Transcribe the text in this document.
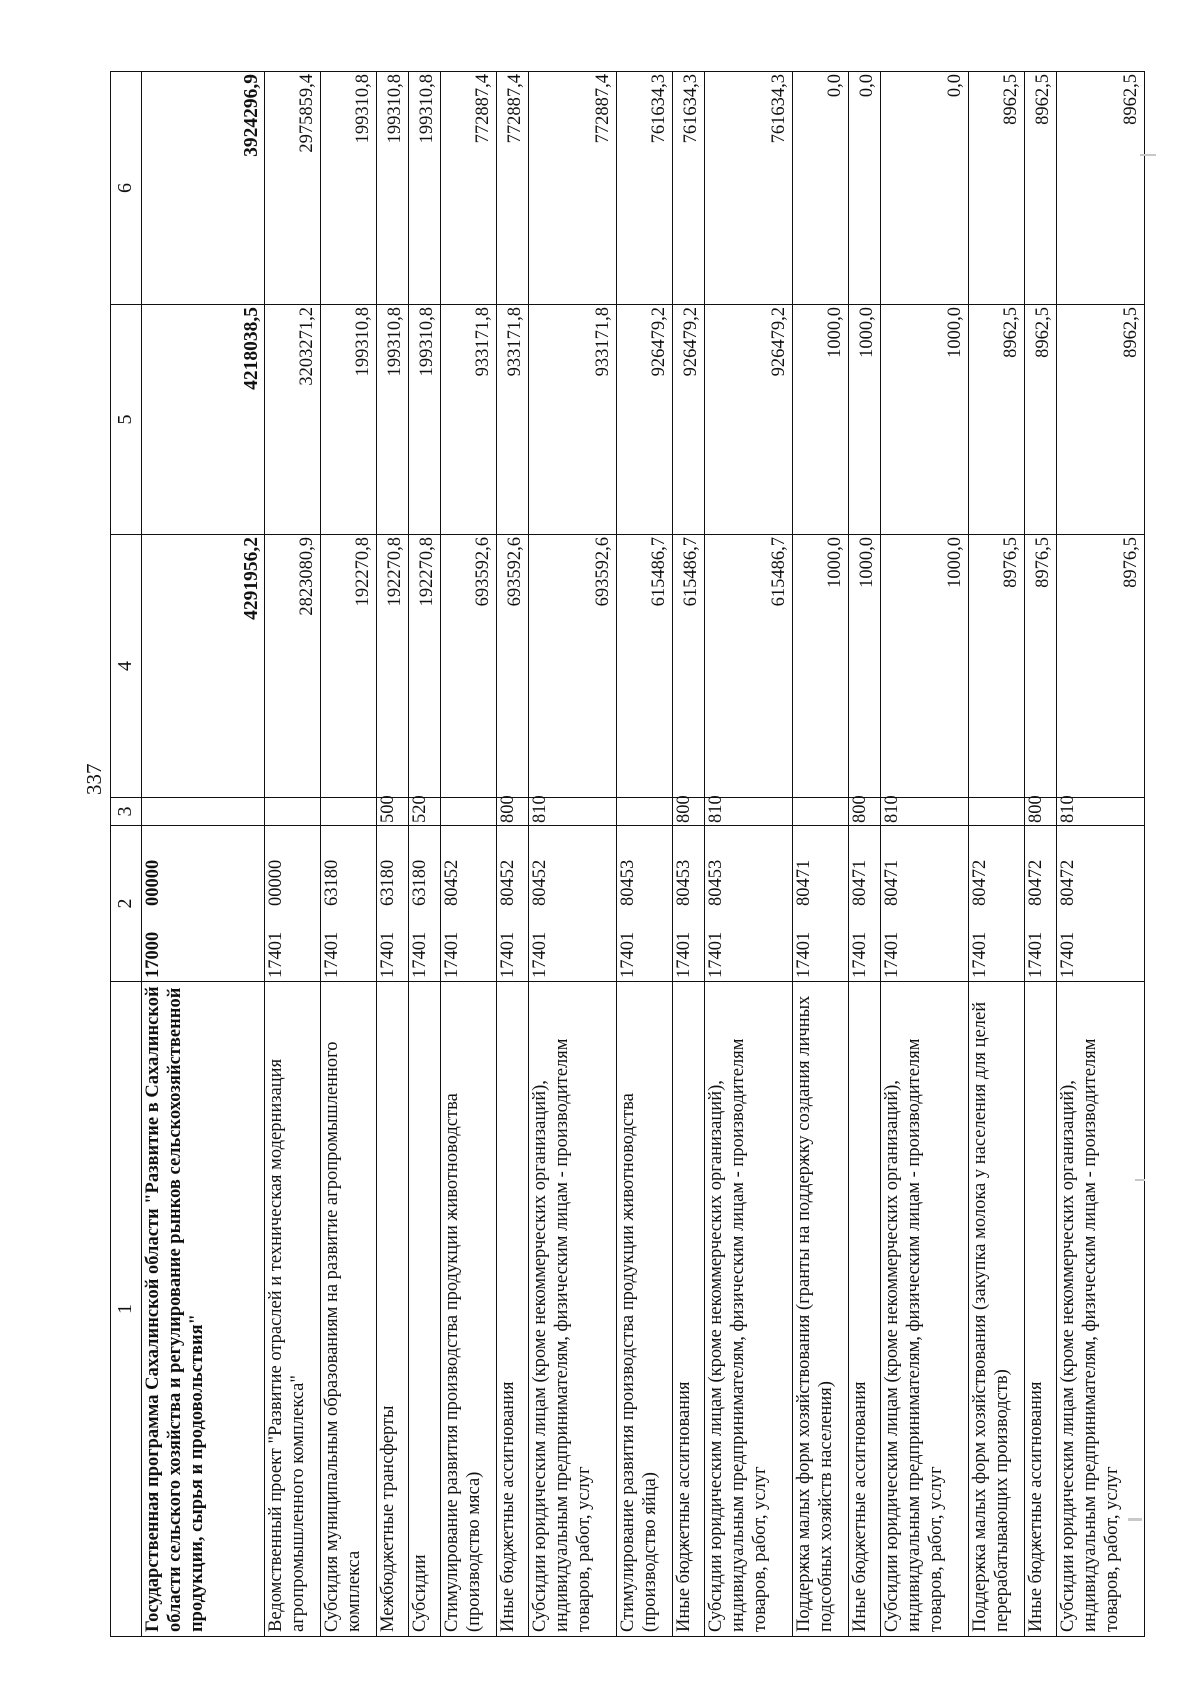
337
1	2	3	4	5	6
Государственная программа Сахалинской области "Развитие в Сахалинской области сельского хозяйства и регулирование рынков сельскохозяйственной продукции, сырья и продовольствия"	1700000000		4291956,2	4218038,5	3924296,9
Ведомственный проект "Развитие отраслей и техническая модернизация агропромышленного комплекса"	1740100000		2823080,9	3203271,2	2975859,4
Субсидия муниципальным образованиям на развитие агропромышленного комплекса	1740163180		192270,8	199310,8	199310,8
Межбюджетные трансферты	1740163180	500	192270,8	199310,8	199310,8
Субсидии	1740163180	520	192270,8	199310,8	199310,8
Стимулирование развития производства продукции животноводства (производство мяса)	1740180452		693592,6	933171,8	772887,4
Иные бюджетные ассигнования	1740180452	800	693592,6	933171,8	772887,4
Субсидии юридическим лицам (кроме некоммерческих организаций), индивидуальным предпринимателям, физическим лицам - производителям товаров, работ, услуг	1740180452	810	693592,6	933171,8	772887,4
Стимулирование развития производства продукции животноводства (производство яйца)	1740180453		615486,7	926479,2	761634,3
Иные бюджетные ассигнования	1740180453	800	615486,7	926479,2	761634,3
Субсидии юридическим лицам (кроме некоммерческих организаций), индивидуальным предпринимателям, физическим лицам - производителям товаров, работ, услуг	1740180453	810	615486,7	926479,2	761634,3
Поддержка малых форм хозяйствования (гранты на поддержку создания личных подсобных хозяйств населения)	1740180471		1000,0	1000,0	0,0
Иные бюджетные ассигнования	1740180471	800	1000,0	1000,0	0,0
Субсидии юридическим лицам (кроме некоммерческих организаций), индивидуальным предпринимателям, физическим лицам - производителям товаров, работ, услуг	1740180471	810	1000,0	1000,0	0,0
Поддержка малых форм хозяйствования (закупка молока у населения для целей перерабатывающих производств)	1740180472		8976,5	8962,5	8962,5
Иные бюджетные ассигнования	1740180472	800	8976,5	8962,5	8962,5
Субсидии юридическим лицам (кроме некоммерческих организаций), индивидуальным предпринимателям, физическим лицам - производителям товаров, работ, услуг	1740180472	810	8976,5	8962,5	8962,5
